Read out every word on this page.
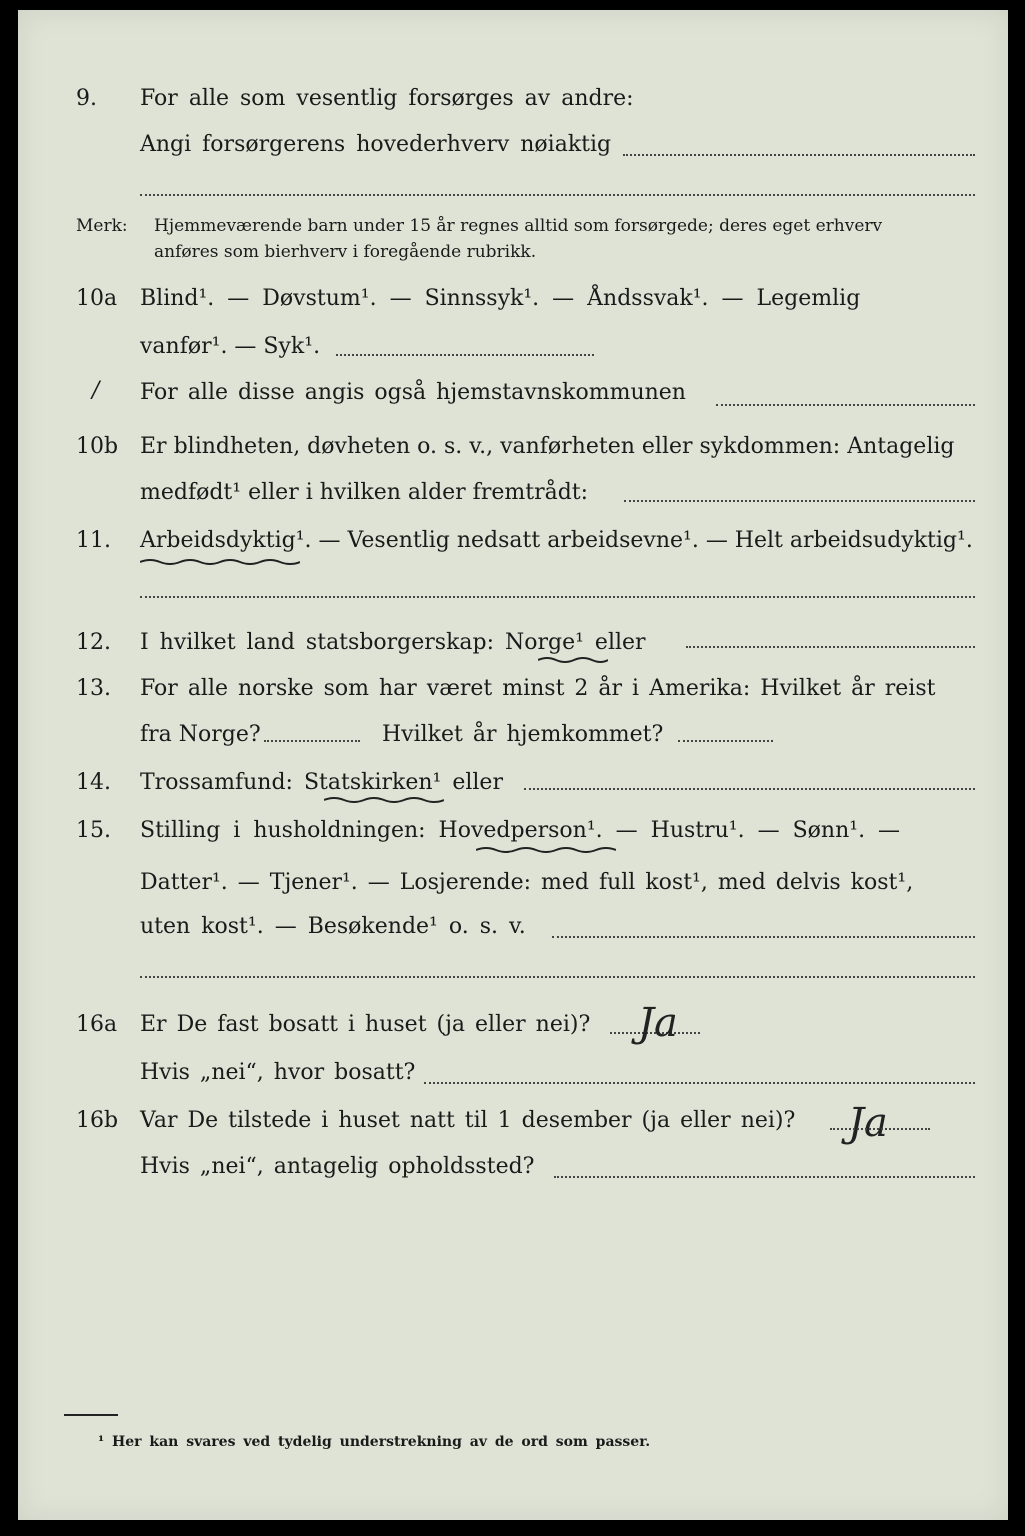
9. For alle som vesentlig forsørges av andre:
Angi forsørgerens hovederhverv nøiaktig
Merk: Hjemmeværende barn under 15 år regnes alltid som forsørgede; deres eget erhverv
anføres som bierhverv i foregående rubrikk.
10a Blind¹. — Døvstum¹. — Sinnssyk¹. — Åndssvak¹. — Legemlig
vanfør¹. — Syk¹.
/ For alle disse angis også hjemstavnskommunen
10b Er blindheten, døvheten o. s. v., vanførheten eller sykdommen: Antagelig
medfødt¹ eller i hvilken alder fremtrådt:
11. Arbeidsdyktig¹. — Vesentlig nedsatt arbeidsevne¹. — Helt arbeidsudyktig¹.
12. I hvilket land statsborgerskap: Norge¹ eller
13. For alle norske som har været minst 2 år i Amerika: Hvilket år reist
fra Norge?	Hvilket år hjemkommet?
14. Trossamfund: Statskirken¹ eller
15. Stilling i husholdningen: Hovedperson¹. — Hustru¹. — Sønn¹. —
Datter¹. — Tjener¹. — Losjerende: med full kost¹, med delvis kost¹,
uten kost¹. — Besøkende¹ o. s. v.
16a Er De fast bosatt i huset (ja eller nei)? Ja
Hvis „nei“, hvor bosatt?
16b Var De tilstede i huset natt til 1 desember (ja eller nei)? Ja
Hvis „nei“, antagelig opholdssted?
¹ Her kan svares ved tydelig understrekning av de ord som passer.
